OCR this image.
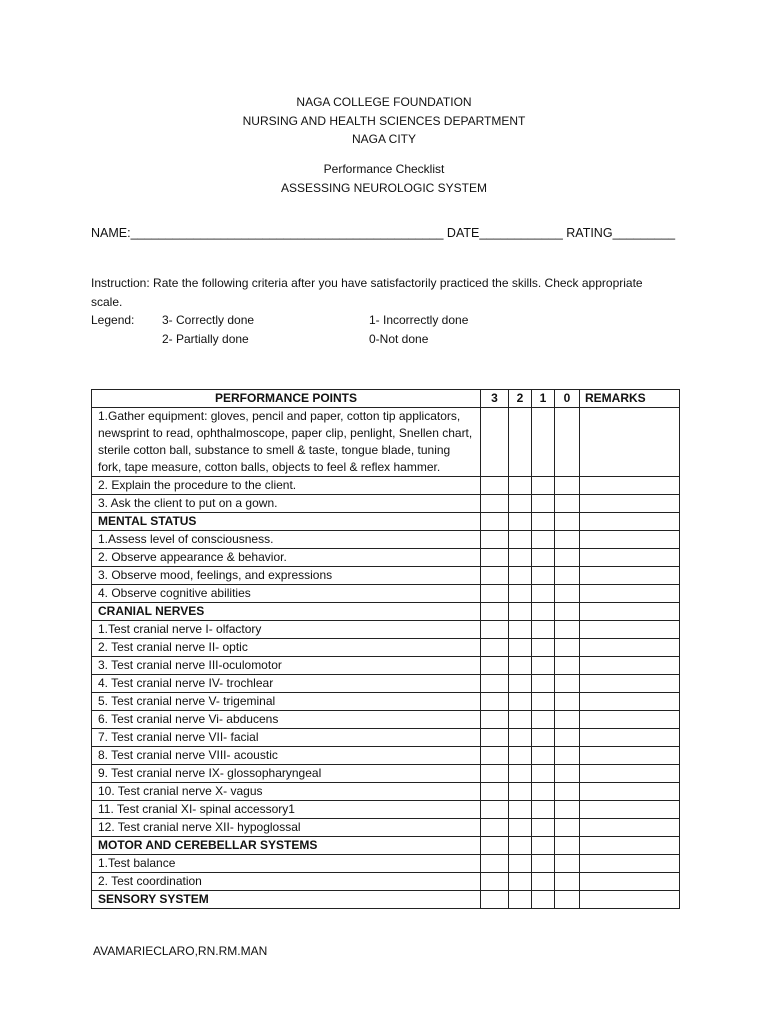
NAGA COLLEGE FOUNDATION
NURSING AND HEALTH SCIENCES DEPARTMENT
NAGA CITY
Performance Checklist
ASSESSING NEUROLOGIC SYSTEM
NAME:_____________________________________________ DATE____________ RATING_________
Instruction: Rate the following criteria after you have satisfactorily practiced the skills. Check appropriate scale.
Legend: 3- Correctly done	1- Incorrectly done
2- Partially done	0-Not done
PERFORMANCE POINTS	3	2	1	0	REMARKS
1.Gather equipment: gloves, pencil and paper, cotton tip applicators, newsprint to read, ophthalmoscope, paper clip, penlight, Snellen chart, sterile cotton ball, substance to smell & taste, tongue blade, tuning fork, tape measure, cotton balls, objects to feel & reflex hammer.					
2. Explain the procedure to the client.					
3. Ask the client to put on a gown.					
MENTAL STATUS					
1.Assess level of consciousness.					
2. Observe appearance & behavior.					
3. Observe mood, feelings, and expressions					
4. Observe cognitive abilities					
CRANIAL NERVES					
1.Test cranial nerve I- olfactory					
2. Test cranial nerve II- optic					
3. Test cranial nerve III-oculomotor					
4. Test cranial nerve IV- trochlear					
5. Test cranial nerve V- trigeminal					
6. Test cranial nerve Vi- abducens					
7. Test cranial nerve VII- facial					
8. Test cranial nerve VIII- acoustic					
9. Test cranial nerve IX- glossopharyngeal					
10. Test cranial nerve X- vagus					
11. Test cranial XI- spinal accessory1					
12. Test cranial nerve XII- hypoglossal					
MOTOR AND CEREBELLAR SYSTEMS					
1.Test balance					
2. Test coordination					
SENSORY SYSTEM					
AVAMARIECLARO,RN.RM.MAN
